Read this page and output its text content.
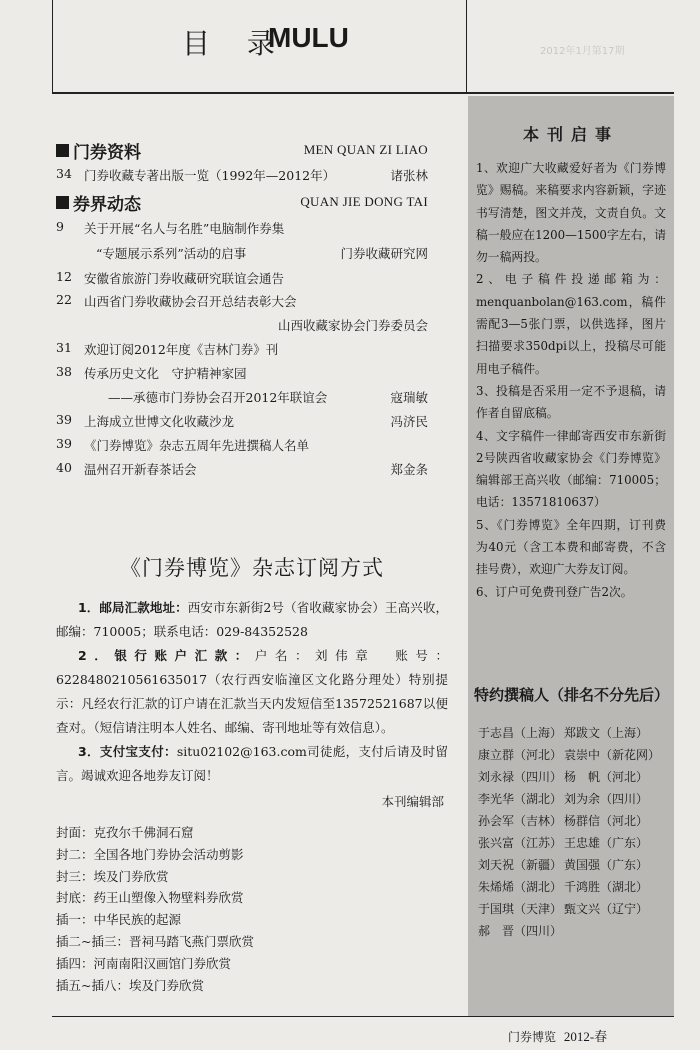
目 录
MULU	2012年1月第17期
门券资料	MEN QUAN ZI LIAO
34 门券收藏专著出版一览（1992年—2012年）	诸张林
券界动态	QUAN JIE DONG TAI
9	关于开展“名人与名胜”电脑制作券集
“专题展示系列”活动的启事	门券收藏研究网
12 安徽省旅游门券收藏研究联谊会通告
22 山西省门券收藏协会召开总结表彰大会
山西收藏家协会门券委员会
31 欢迎订阅2012年度《吉林门券》刊
38 传承历史文化　守护精神家园
——承德市门券协会召开2012年联谊会	寇瑞敏
39 上海成立世博文化收藏沙龙	冯济民
39 《门券博览》杂志五周年先进撰稿人名单
40 温州召开新春茶话会	郑金条
《门券博览》杂志订阅方式
1．邮局汇款地址：西安市东新街2号（省收藏家协会）王高兴收，邮编：710005；联系电话：029-84352528
2．银行账户汇款：户名：刘伟章　账号：6228480210561635017（农行西安临潼区文化路分理处）特别提示：凡经农行汇款的订户请在汇款当天内发短信至13572521687以便查对。（短信请注明本人姓名、邮编、寄刊地址等有效信息）。
3．支付宝支付：situ02102@163.com司徒彪，支付后请及时留言。竭诚欢迎各地券友订阅！
本刊编辑部
封面：克孜尔千佛洞石窟
封二：全国各地门券协会活动剪影
封三：埃及门券欣赏
封底：药王山塑像入物壁料券欣赏
插一：中华民族的起源
插二~插三：晋祠马踏飞燕门票欣赏
插四：河南南阳汉画馆门券欣赏
插五~插八：埃及门券欣赏
本刊启事
1、欢迎广大收藏爱好者为《门券博览》赐稿。来稿要求内容新颖，字迹书写清楚，图文并茂，文责自负。文稿一般应在1200—1500字左右，请勿一稿两投。
2、电子稿件投递邮箱为：menquanbolan@163.com，稿件需配3—5张门票，以供选择，图片扫描要求350dpi以上，投稿尽可能用电子稿件。
3、投稿是否采用一定不予退稿，请作者自留底稿。
4、文字稿件一律邮寄西安市东新街2号陕西省收藏家协会《门券博览》编辑部王高兴收（邮编：710005；电话：13571810637）
5、《门券博览》全年四期，订刊费为40元（含工本费和邮寄费，不含挂号费），欢迎广大券友订阅。
6、订户可免费刊登广告2次。
特约撰稿人（排名不分先后）
于志昌（上海） 郑跋文（上海）
康立群（河北） 袁崇中（新花网）
刘永禄（四川） 杨　帆（河北）
李光华（湖北） 刘为余（四川）
孙会军（吉林） 杨群信（河北）
张兴富（江苏） 王忠雄（广东）
刘天祝（新疆） 黄国强（广东）
朱烯烯（湖北） 千鸿胜（湖北）
于国琪（天津） 甄文兴（辽宁）
郝　晋（四川）
门券博览 2012-春
